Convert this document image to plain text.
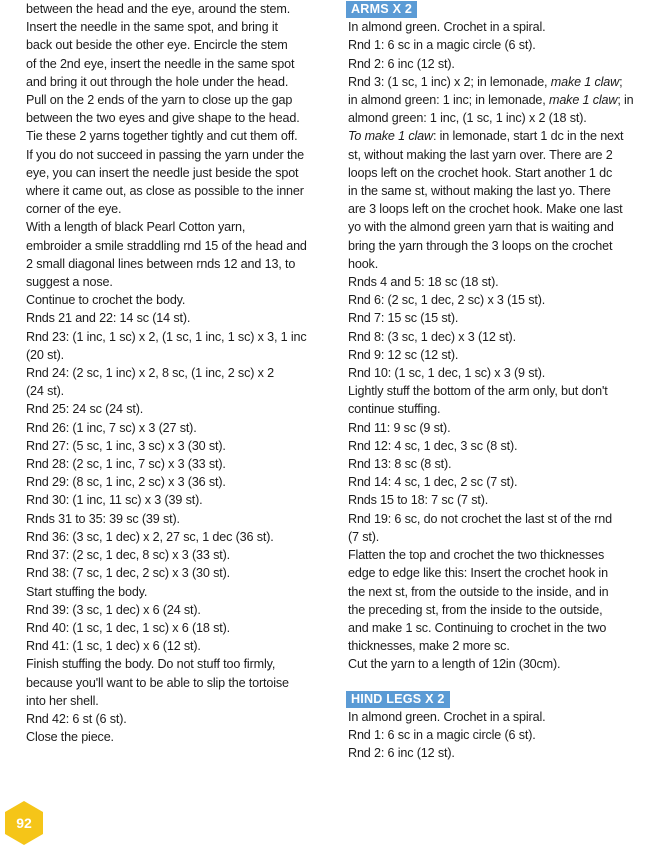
between the head and the eye, around the stem.

Insert the needle in the same spot, and bring it

back out beside the other eye. Encircle the stem

of the 2nd eye, insert the needle in the same spot

and bring it out through the hole under the head.

Pull on the 2 ends of the yarn to close up the gap

between the two eyes and give shape to the head.

Tie these 2 yarns together tightly and cut them off.

If you do not succeed in passing the yarn under the

eye, you can insert the needle just beside the spot

where it came out, as close as possible to the inner

corner of the eye.

With a length of black Pearl Cotton yarn,

embroider a smile straddling rnd 15 of the head and

2 small diagonal lines between rnds 12 and 13, to

suggest a nose.

Continue to crochet the body.

Rnds 21 and 22: 14 sc (14 st).

Rnd 23: (1 inc, 1 sc) x 2, (1 sc, 1 inc, 1 sc) x 3, 1 inc

(20 st).

Rnd 24: (2 sc, 1 inc) x 2, 8 sc, (1 inc, 2 sc) x 2

(24 st).

Rnd 25: 24 sc (24 st).

Rnd 26: (1 inc, 7 sc) x 3 (27 st).

Rnd 27: (5 sc, 1 inc, 3 sc) x 3 (30 st).

Rnd 28: (2 sc, 1 inc, 7 sc) x 3 (33 st).

Rnd 29: (8 sc, 1 inc, 2 sc) x 3 (36 st).

Rnd 30: (1 inc, 11 sc) x 3 (39 st).

Rnds 31 to 35: 39 sc (39 st).

Rnd 36: (3 sc, 1 dec) x 2, 27 sc, 1 dec (36 st).

Rnd 37: (2 sc, 1 dec, 8 sc) x 3 (33 st).

Rnd 38: (7 sc, 1 dec, 2 sc) x 3 (30 st).

Start stuffing the body.

Rnd 39: (3 sc, 1 dec) x 6 (24 st).

Rnd 40: (1 sc, 1 dec, 1 sc) x 6 (18 st).

Rnd 41: (1 sc, 1 dec) x 6 (12 st).

Finish stuffing the body. Do not stuff too firmly,

because you'll want to be able to slip the tortoise

into her shell.

Rnd 42: 6 st (6 st).

Close the piece.

ARMS X 2

In almond green. Crochet in a spiral.

Rnd 1: 6 sc in a magic circle (6 st).

Rnd 2: 6 inc (12 st).

Rnd 3: (1 sc, 1 inc) x 2; in lemonade, make 1 claw;

in almond green: 1 inc; in lemonade, make 1 claw; in

almond green: 1 inc, (1 sc, 1 inc) x 2 (18 st).

To make 1 claw: in lemonade, start 1 dc in the next

st, without making the last yarn over. There are 2

loops left on the crochet hook. Start another 1 dc

in the same st, without making the last yo. There

are 3 loops left on the crochet hook. Make one last

yo with the almond green yarn that is waiting and

bring the yarn through the 3 loops on the crochet

hook.

Rnds 4 and 5: 18 sc (18 st).

Rnd 6: (2 sc, 1 dec, 2 sc) x 3 (15 st).

Rnd 7: 15 sc (15 st).

Rnd 8: (3 sc, 1 dec) x 3 (12 st).

Rnd 9: 12 sc (12 st).

Rnd 10: (1 sc, 1 dec, 1 sc) x 3 (9 st).

Lightly stuff the bottom of the arm only, but don't

continue stuffing.

Rnd 11: 9 sc (9 st).

Rnd 12: 4 sc, 1 dec, 3 sc (8 st).

Rnd 13: 8 sc (8 st).

Rnd 14: 4 sc, 1 dec, 2 sc (7 st).

Rnds 15 to 18: 7 sc (7 st).

Rnd 19: 6 sc, do not crochet the last st of the rnd

(7 st).

Flatten the top and crochet the two thicknesses

edge to edge like this: Insert the crochet hook in

the next st, from the outside to the inside, and in

the preceding st, from the inside to the outside,

and make 1 sc. Continuing to crochet in the two

thicknesses, make 2 more sc.

Cut the yarn to a length of 12in (30cm).

HIND LEGS X 2

In almond green. Crochet in a spiral.

Rnd 1: 6 sc in a magic circle (6 st).

Rnd 2: 6 inc (12 st).

92
